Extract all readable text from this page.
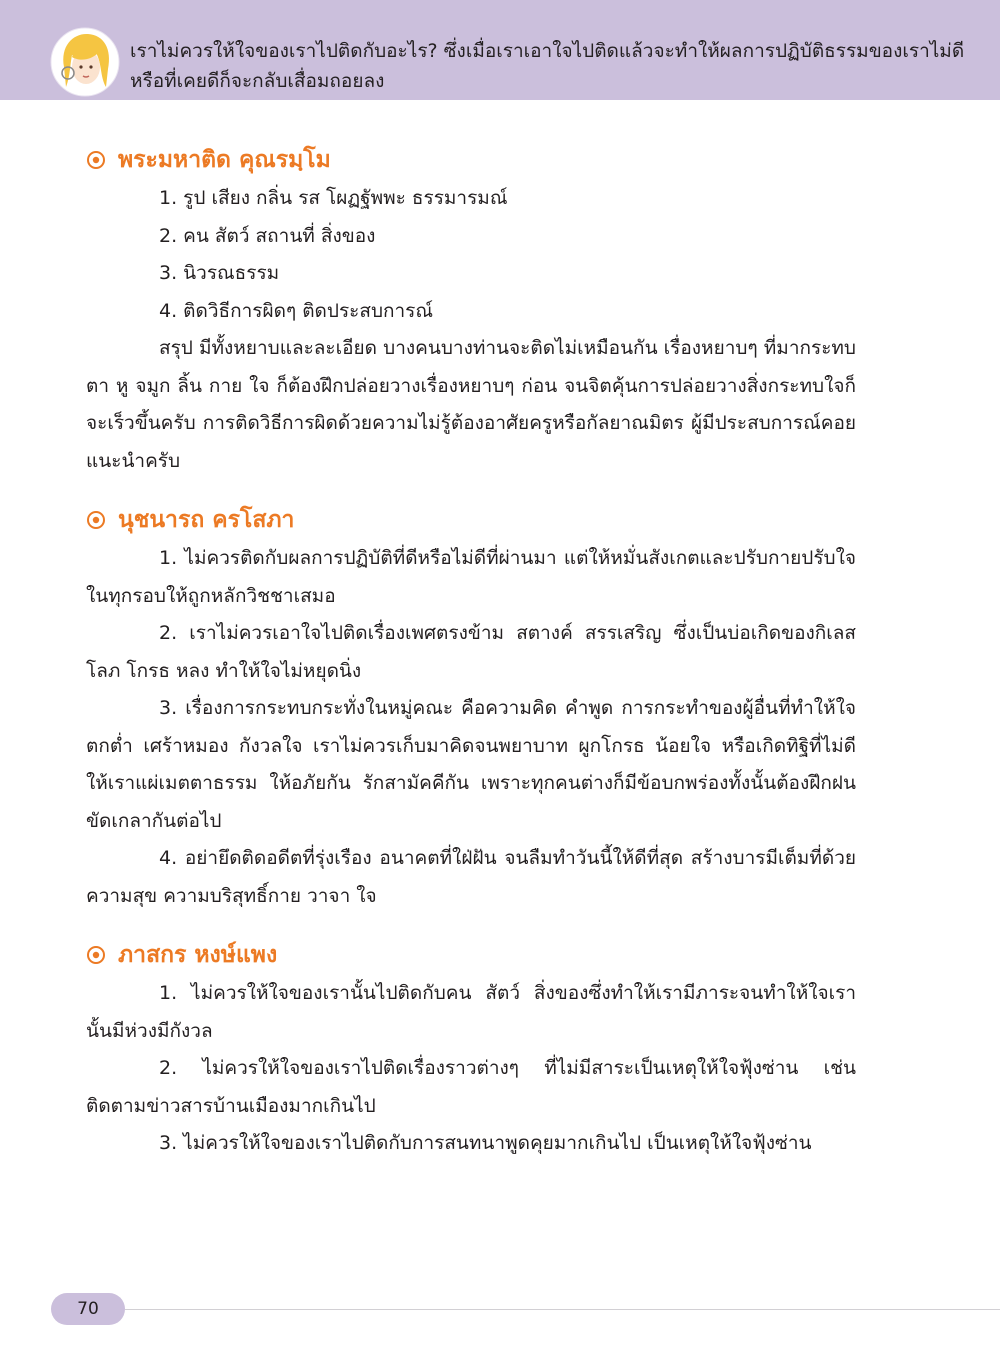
เราไม่ควรให้ใจของเราไปติดกับอะไร? ซึ่งเมื่อเราเอาใจไปติดแล้วจะทำให้ผลการปฏิบัติธรรมของเราไม่ดี
หรือที่เคยดีก็จะกลับเสื่อมถอยลง
พระมหาติด คุณรมฺโม

1. รูป เสียง กลิ่น รส โผฏฐัพพะ ธรรมารมณ์

2. คน สัตว์ สถานที่ สิ่งของ

3. นิวรณธรรม

4. ติดวิธีการผิดๆ ติดประสบการณ์

สรุป มีทั้งหยาบและละเอียด บางคนบางท่านจะติดไม่เหมือนกัน เรื่องหยาบๆ ที่มากระทบตา หู จมูก ลิ้น กาย ใจ ก็ต้องฝึกปล่อยวางเรื่องหยาบๆ ก่อน จนจิตคุ้นการปล่อยวางสิ่งกระทบใจก็จะเร็วขึ้นครับ การติดวิธีการผิดด้วยความไม่รู้ต้องอาศัยครูหรือกัลยาณมิตร ผู้มีประสบการณ์คอยแนะนำครับ

นุชนารถ ครโสภา

1. ไม่ควรติดกับผลการปฏิบัติที่ดีหรือไม่ดีที่ผ่านมา แต่ให้หมั่นสังเกตและปรับกายปรับใจในทุกรอบให้ถูกหลักวิชชาเสมอ

2. เราไม่ควรเอาใจไปติดเรื่องเพศตรงข้าม สตางค์ สรรเสริญ ซึ่งเป็นบ่อเกิดของกิเลส โลภ โกรธ หลง ทำให้ใจไม่หยุดนิ่ง

3. เรื่องการกระทบกระทั่งในหมู่คณะ คือความคิด คำพูด การกระทำของผู้อื่นที่ทำให้ใจตกต่ำ เศร้าหมอง กังวลใจ เราไม่ควรเก็บมาคิดจนพยาบาท ผูกโกรธ น้อยใจ หรือเกิดทิฐิที่ไม่ดี ให้เราแผ่เมตตาธรรม ให้อภัยกัน รักสามัคคีกัน เพราะทุกคนต่างก็มีข้อบกพร่องทั้งนั้นต้องฝึกฝนขัดเกลากันต่อไป

4. อย่ายึดติดอดีตที่รุ่งเรือง อนาคตที่ใฝ่ฝัน จนลืมทำวันนี้ให้ดีที่สุด สร้างบารมีเต็มที่ด้วยความสุข ความบริสุทธิ์กาย วาจา ใจ

ภาสกร หงษ์แพง

1. ไม่ควรให้ใจของเรานั้นไปติดกับคน สัตว์ สิ่งของซึ่งทำให้เรามีภาระจนทำให้ใจเรานั้นมีห่วงมีกังวล

2. ไม่ควรให้ใจของเราไปติดเรื่องราวต่างๆ ที่ไม่มีสาระเป็นเหตุให้ใจฟุ้งซ่าน เช่นติดตามข่าวสารบ้านเมืองมากเกินไป

3. ไม่ควรให้ใจของเราไปติดกับการสนทนาพูดคุยมากเกินไป เป็นเหตุให้ใจฟุ้งซ่าน

70
